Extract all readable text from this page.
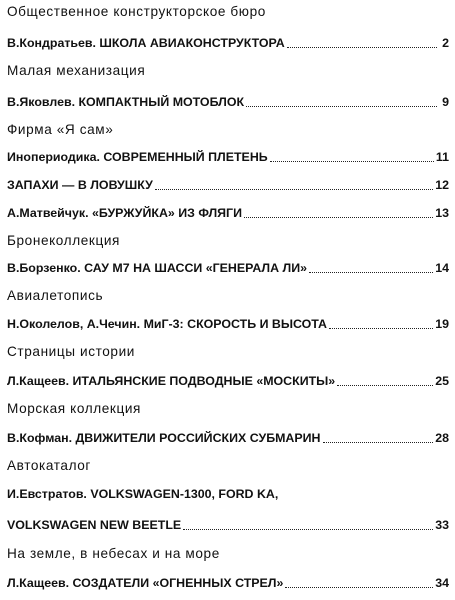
Общественное конструкторское бюро
В.Кондратьев. ШКОЛА АВИАКОНСТРУКТОРА	2
Малая механизация
В.Яковлев. КОМПАКТНЫЙ МОТОБЛОК	9
Фирма «Я сам»
Инопериодика. СОВРЕМЕННЫЙ ПЛЕТЕНЬ	11
ЗАПАХИ — В ЛОВУШКУ	12
А.Матвейчук. «БУРЖУЙКА» ИЗ ФЛЯГИ	13
Бронеколлекция
В.Борзенко. САУ М7 НА ШАССИ «ГЕНЕРАЛА ЛИ»	14
Авиалетопись
Н.Околелов, А.Чечин. МиГ-3: СКОРОСТЬ И ВЫСОТА	19
Страницы истории
Л.Кащеев. ИТАЛЬЯНСКИЕ ПОДВОДНЫЕ «МОСКИТЫ»	25
Морская коллекция
В.Кофман. ДВИЖИТЕЛИ РОССИЙСКИХ СУБМАРИН	28
Автокаталог
И.Евстратов. VOLKSWAGEN-1300, FORD KA,
VOLKSWAGEN NEW BEETLE	33
На земле, в небесах и на море
Л.Кащеев. СОЗДАТЕЛИ «ОГНЕННЫХ СТРЕЛ»	34
